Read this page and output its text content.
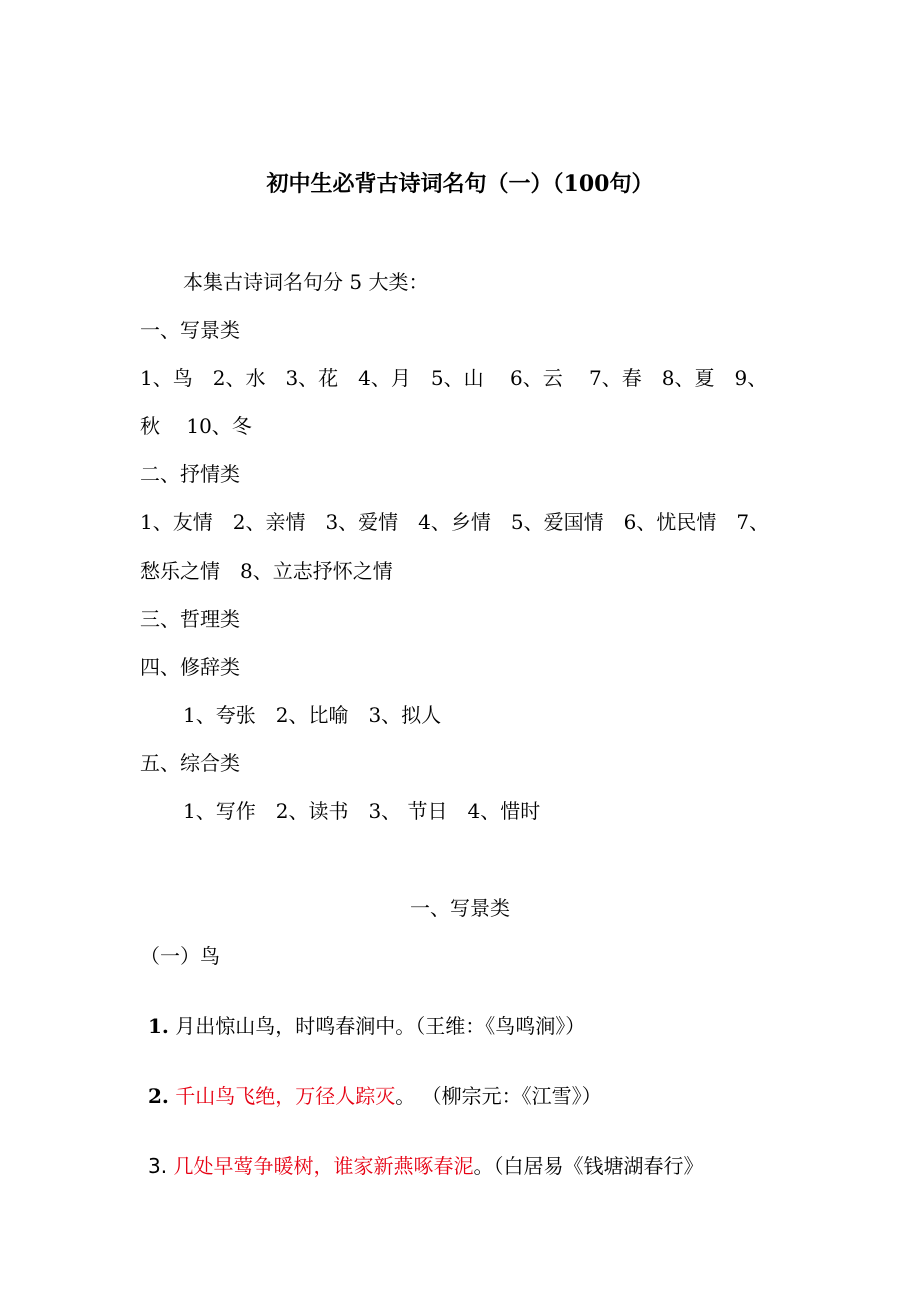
初中生必背古诗词名句（一）（100句）
本集古诗词名句分 5 大类：
一、写景类
1、鸟　2、水　3、花　4、月　5、山　 6、云　 7、春　8、夏　9、
秋　 10、冬
二、抒情类
1、友情　2、亲情　3、爱情　4、乡情　5、爱国情　6、忧民情　7、
愁乐之情　8、立志抒怀之情
三、哲理类
四、修辞类
1、夸张　2、比喻　3、拟人
五、综合类
1、写作　2、读书　3、 节日　4、惜时
一、写景类
（一）鸟
1. 月出惊山鸟，时鸣春涧中。（王维：《鸟鸣涧》）
2. 千山鸟飞绝，万径人踪灭。 （柳宗元：《江雪》）
3. 几处早莺争暖树，谁家新燕啄春泥。（白居易《钱塘湖春行》
